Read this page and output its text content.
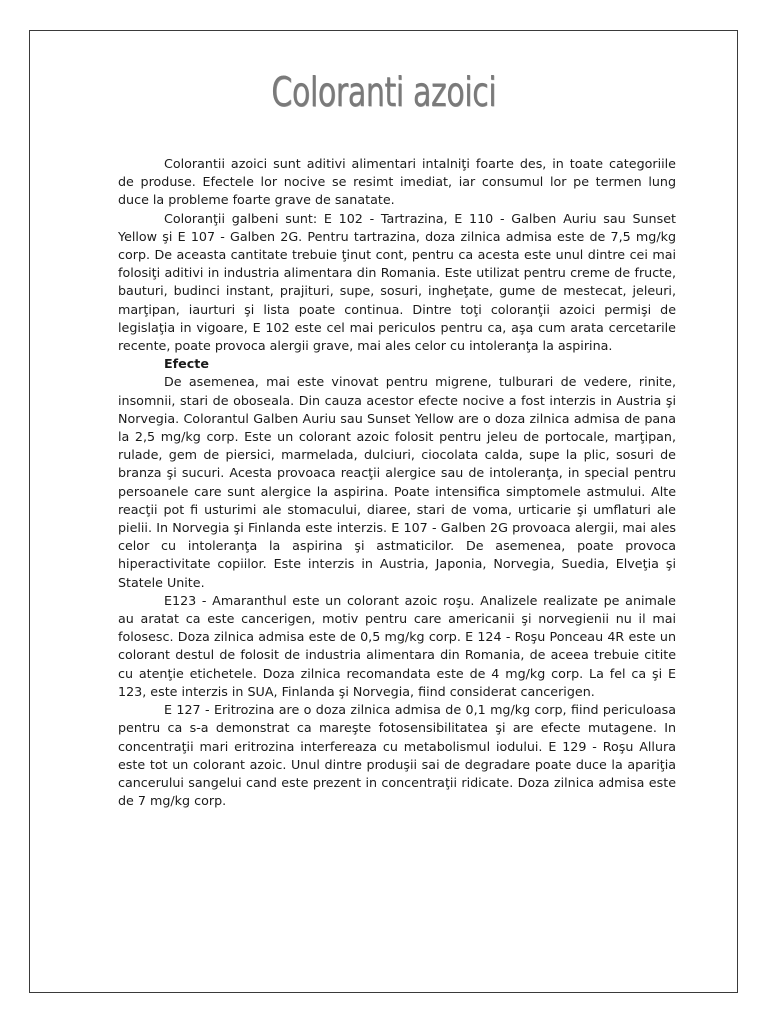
Coloranti azoici

Colorantii azoici sunt aditivi alimentari intalniţi foarte des, in toate categoriile de produse. Efectele lor nocive se resimt imediat, iar consumul lor pe termen lung duce la probleme foarte grave de sanatate.

Coloranţii galbeni sunt: E 102 - Tartrazina, E 110 - Galben Auriu sau Sunset Yellow şi E 107 - Galben 2G. Pentru tartrazina, doza zilnica admisa este de 7,5 mg/kg corp. De aceasta cantitate trebuie ţinut cont, pentru ca acesta este unul dintre cei mai folosiţi aditivi in industria alimentara din Romania. Este utilizat pentru creme de fructe, bauturi, budinci instant, prajituri, supe, sosuri, ingheţate, gume de mestecat, jeleuri, marţipan, iaurturi şi lista poate continua. Dintre toţi coloranţii azoici permişi de legislaţia in vigoare, E 102 este cel mai periculos pentru ca, aşa cum arata cercetarile recente, poate provoca alergii grave, mai ales celor cu intoleranţa la aspirina.

Efecte

De asemenea, mai este vinovat pentru migrene, tulburari de vedere, rinite, insomnii, stari de oboseala. Din cauza acestor efecte nocive a fost interzis in Austria şi Norvegia. Colorantul Galben Auriu sau Sunset Yellow are o doza zilnica admisa de pana la 2,5 mg/kg corp. Este un colorant azoic folosit pentru jeleu de portocale, marţipan, rulade, gem de piersici, marmelada, dulciuri, ciocolata calda, supe la plic, sosuri de branza şi sucuri. Acesta provoaca reacţii alergice sau de intoleranţa, in special pentru persoanele care sunt alergice la aspirina. Poate intensifica simptomele astmului. Alte reacţii pot fi usturimi ale stomacului, diaree, stari de voma, urticarie şi umflaturi ale pielii. In Norvegia şi Finlanda este interzis. E 107 - Galben 2G provoaca alergii, mai ales celor cu intoleranţa la aspirina şi astmaticilor. De asemenea, poate provoca hiperactivitate copiilor. Este interzis in Austria, Japonia, Norvegia, Suedia, Elveţia şi Statele Unite.

E123 - Amaranthul este un colorant azoic roşu. Analizele realizate pe animale au aratat ca este cancerigen, motiv pentru care americanii şi norvegienii nu il mai folosesc. Doza zilnica admisa este de 0,5 mg/kg corp. E 124 - Roşu Ponceau 4R este un colorant destul de folosit de industria alimentara din Romania, de aceea trebuie citite cu atenţie etichetele. Doza zilnica recomandata este de 4 mg/kg corp. La fel ca şi E 123, este interzis in SUA, Finlanda şi Norvegia, fiind considerat cancerigen.

E 127 - Eritrozina are o doza zilnica admisa de 0,1 mg/kg corp, fiind periculoasa pentru ca s-a demonstrat ca mareşte fotosensibilitatea şi are efecte mutagene. In concentraţii mari eritrozina interfereaza cu metabolismul iodului. E 129 - Roşu Allura este tot un colorant azoic. Unul dintre produşii sai de degradare poate duce la apariţia cancerului sangelui cand este prezent in concentraţii ridicate. Doza zilnica admisa este de 7 mg/kg corp.
